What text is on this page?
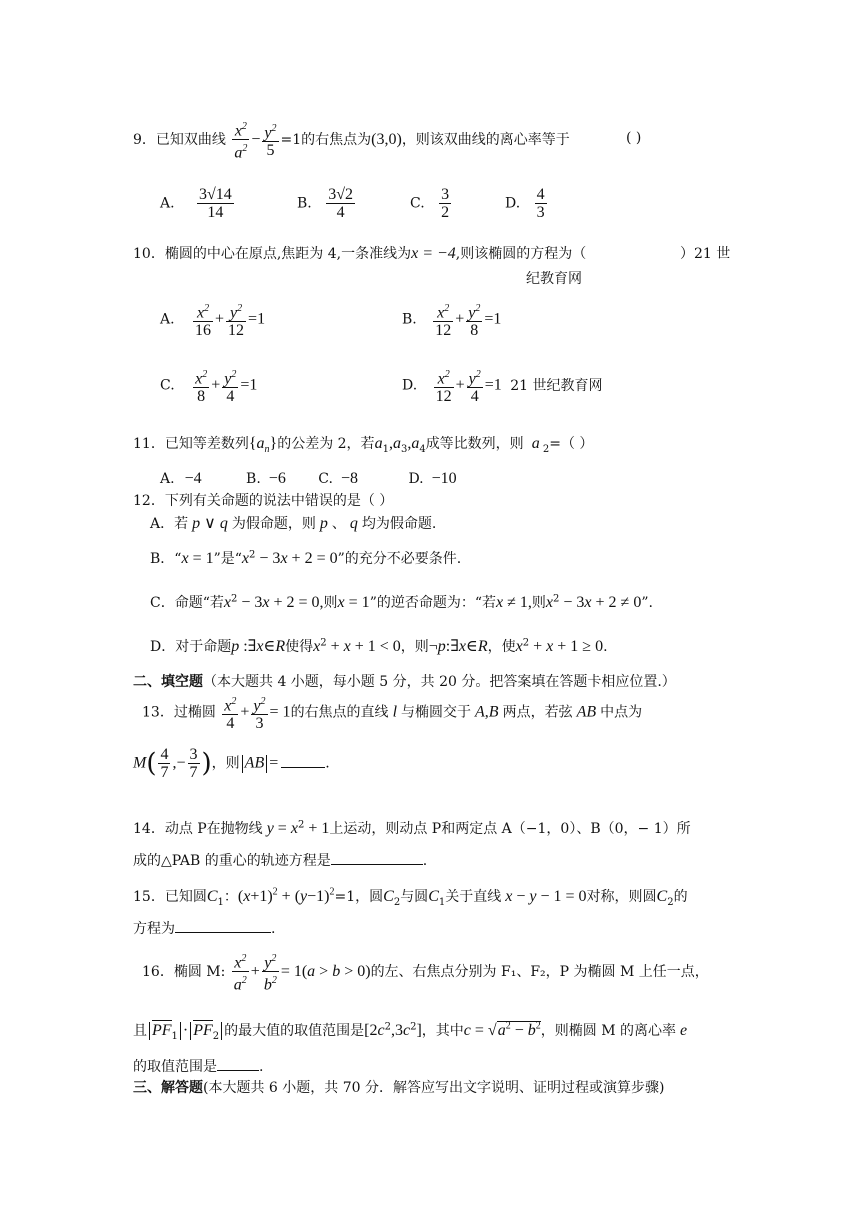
9．已知双曲线 $\frac{x^2}{a^2} - \frac{y^2}{5} =1$的右焦点为(3,0)，则该双曲线的离心率等于	( )
A. $\frac{3√14}{14}$	B. $\frac{3√2}{4}$	C. $\frac{3}{2}$	D. $\frac{4}{3}$
10．椭圆的中心在原点,焦距为 4,一条准线为x = −4,则该椭圆的方程为（	）21 世
纪教育网
A. $\frac{x^2}{16} + \frac{y^2}{12} =1$	B. $\frac{x^2}{12} + \frac{y^2}{8} =1$
C. $\frac{x^2}{8} + \frac{y^2}{4} =1$	D. $\frac{x^2}{12} + \frac{y^2}{4} =1$ 21 世纪教育网
11．已知等差数列$\{a_n\}$的公差为 2，若$a_1,a_3,a_4$成等比数列，则 a $_2$=（ ）
A. −4	B. −6 C. −8	D. −10
12．下列有关命题的说法中错误的是（ ）
A．若 p ∨ q 为假命题，则 p 、 q 均为假命题.
B．“x = 1”是“$x^2 - 3x + 2 = 0$”的充分不必要条件.
C．命题“若$x^2 - 3x + 2 = 0$,则x = 1”的逆否命题为：“若x ≠ 1,则$x^2 - 3x + 2 \ne 0$”.
D．对于命题p :∃x∈R使得$x^2 + x + 1 < 0$，则¬p:∃x∈R，使$x^2 + x + 1 \ge 0$.
二、填空题（本大题共 4 小题，每小题 5 分，共 20 分。把答案填在答题卡相应位置.）
13．过椭圆 $\frac{x^2}{4} + \frac{y^2}{3} = 1$的右焦点的直线 l 与椭圆交于 A,B 两点，若弦 AB 中点为
$M( \frac{4}{7}$ ,− $\frac{3}{7}$ )，则 AB =	.
14．动点 P在抛物线 $y = x^2 + 1$上运动，则动点 P和两定点 A（−1，0）、B（0，− 1）所
成的△PAB 的重心的轨迹方程是	.
15．已知圆$C_1$：$(x+1)^2 + (y-1)^2=1$，圆$C_2$与圆$C_1$关于直线 x − y − 1 = 0对称，则圆$C_2$的
方程为	.
16．椭圆 M: $\frac{x^2}{a^2} + \frac{y^2}{b^2} = 1(a > b > 0)$的左、右焦点分别为 F₁、F₂，P 为椭圆 M 上任一点，
且 $PF_1 \cdot PF_2$ 的最大值的取值范围是$[2c^2,3c^2]$，其中$c = √a^2 - b^2$，则椭圆 M 的离心率 e
的取值范围是	.
三、解答题(本大题共 6 小题，共 70 分．解答应写出文字说明、证明过程或演算步骤)
